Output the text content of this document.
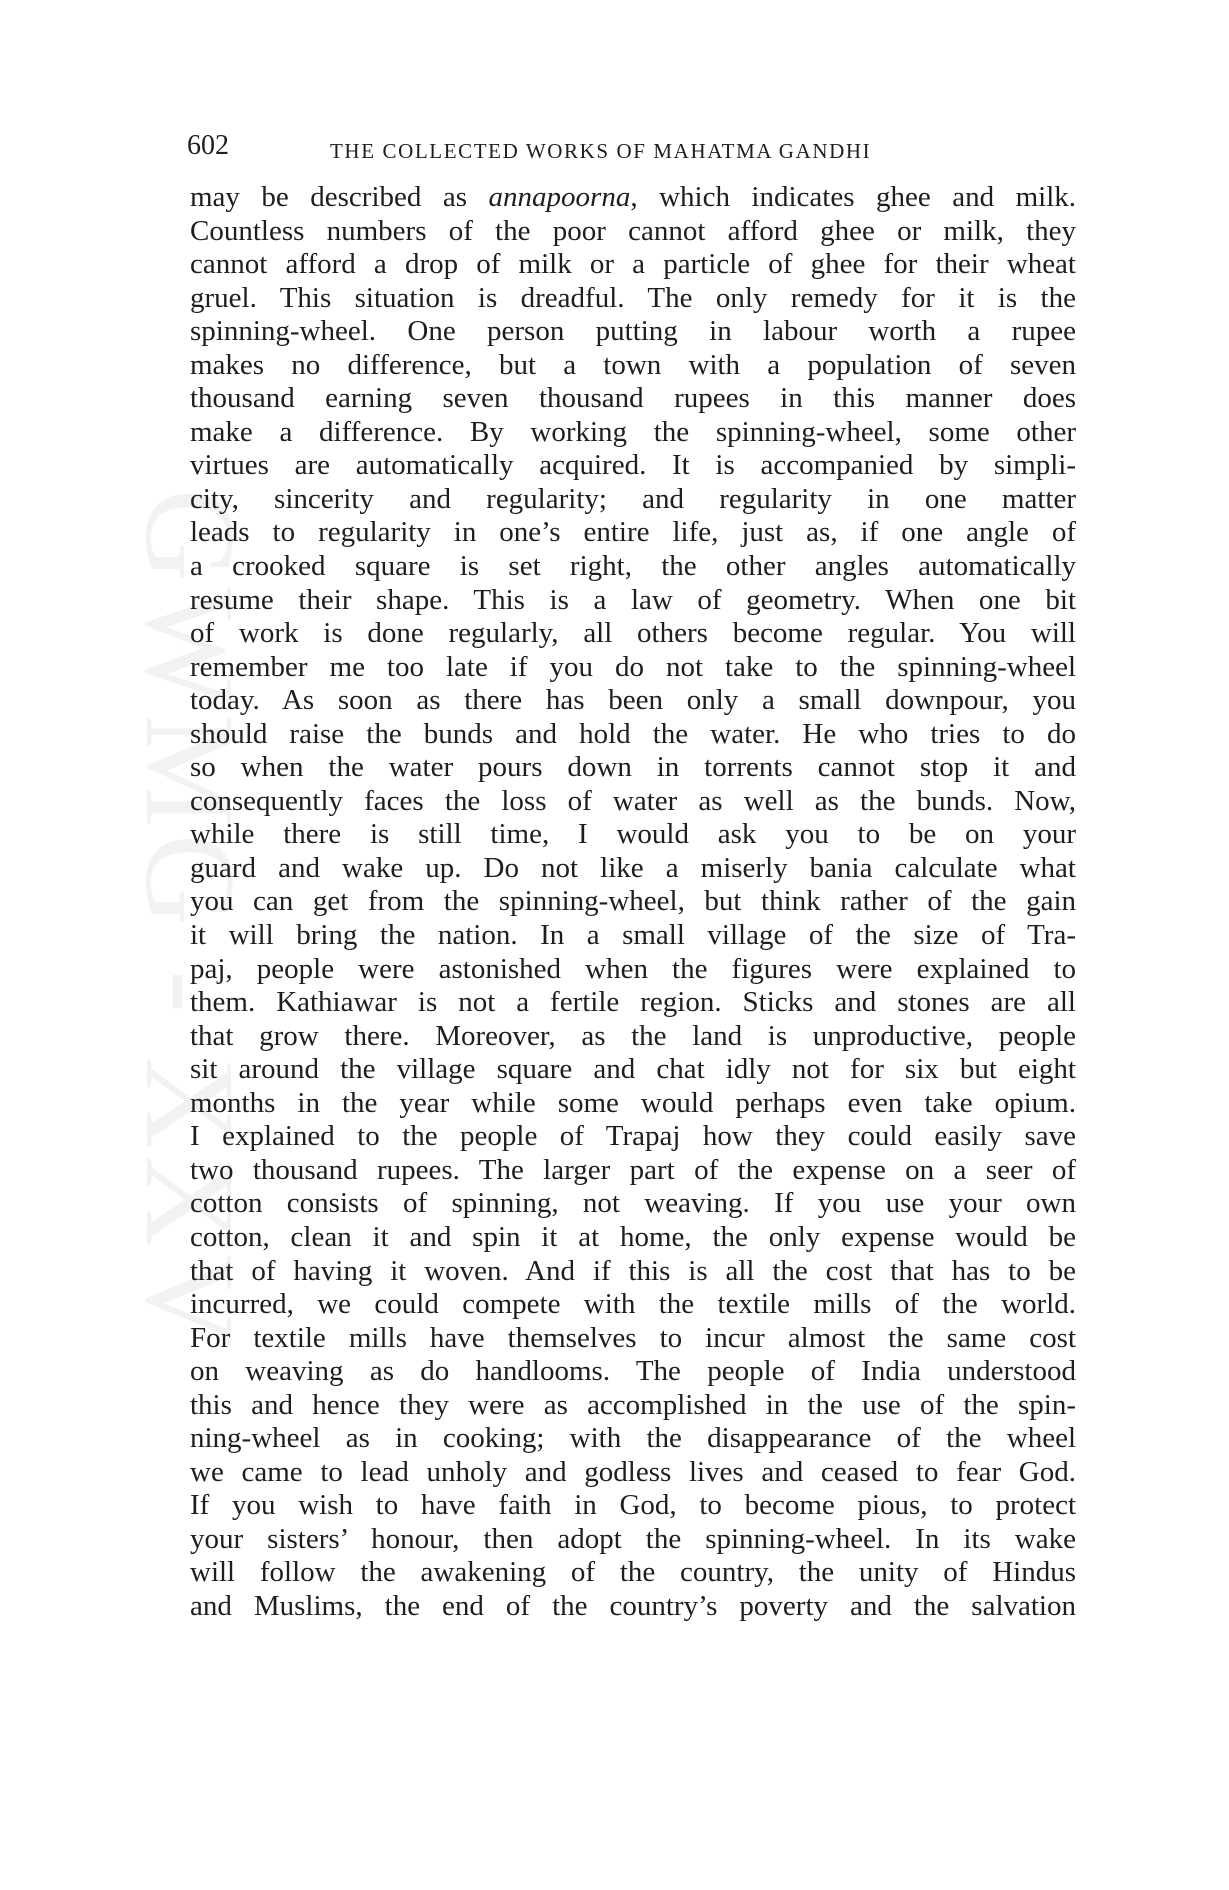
GWMG - XXV
602	THE COLLECTED WORKS OF MAHATMA GANDHI
may be described as annapoorna, which indicates ghee and milk.
Countless numbers of the poor cannot afford ghee or milk, they
cannot afford a drop of milk or a particle of ghee for their wheat
gruel. This situation is dreadful. The only remedy for it is the
spinning-wheel. One person putting in labour worth a rupee
makes no difference, but a town with a population of seven
thousand earning seven thousand rupees in this manner does
make a difference. By working the spinning-wheel, some other
virtues are automatically acquired. It is accompanied by simpli-
city, sincerity and regularity; and regularity in one matter
leads to regularity in one’s entire life, just as, if one angle of
a crooked square is set right, the other angles automatically
resume their shape. This is a law of geometry. When one bit
of work is done regularly, all others become regular. You will
remember me too late if you do not take to the spinning-wheel
today. As soon as there has been only a small downpour, you
should raise the bunds and hold the water. He who tries to do
so when the water pours down in torrents cannot stop it and
consequently faces the loss of water as well as the bunds. Now,
while there is still time, I would ask you to be on your
guard and wake up. Do not like a miserly bania calculate what
you can get from the spinning-wheel, but think rather of the gain
it will bring the nation. In a small village of the size of Tra-
paj, people were astonished when the figures were explained to
them. Kathiawar is not a fertile region. Sticks and stones are all
that grow there. Moreover, as the land is unproductive, people
sit around the village square and chat idly not for six but eight
months in the year while some would perhaps even take opium.
I explained to the people of Trapaj how they could easily save
two thousand rupees. The larger part of the expense on a seer of
cotton consists of spinning, not weaving. If you use your own
cotton, clean it and spin it at home, the only expense would be
that of having it woven. And if this is all the cost that has to be
incurred, we could compete with the textile mills of the world.
For textile mills have themselves to incur almost the same cost
on weaving as do handlooms. The people of India understood
this and hence they were as accomplished in the use of the spin-
ning-wheel as in cooking; with the disappearance of the wheel
we came to lead unholy and godless lives and ceased to fear God.
If you wish to have faith in God, to become pious, to protect
your sisters’ honour, then adopt the spinning-wheel. In its wake
will follow the awakening of the country, the unity of Hindus
and Muslims, the end of the country’s poverty and the salvation
